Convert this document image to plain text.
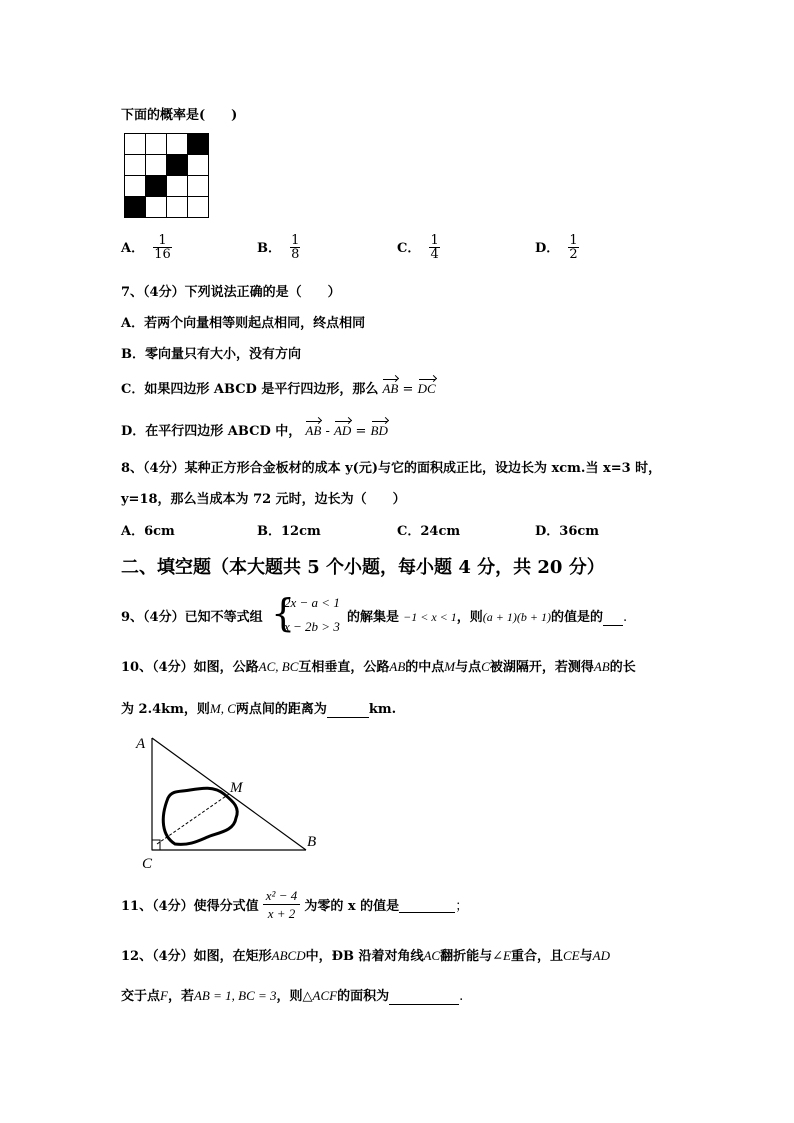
下面的概率是(　　)

A． $\frac{1}{16}$	B． $\frac{1}{8}$	C． $\frac{1}{4}$	D． $\frac{1}{2}$
7、（4分）下列说法正确的是（　　）
A．若两个向量相等则起点相同，终点相同
B．零向量只有大小，没有方向
C．如果四边形 ABCD 是平行四边形，那么 AB = DC
D．在平行四边形 ABCD 中， AB - AD = BD
8、（4分）某种正方形合金板材的成本 y(元)与它的面积成正比，设边长为 xcm.当 x=3 时，
y=18，那么当成本为 72 元时，边长为（　　）
A．6cm	B．12cm	C．24cm	D．36cm
二、填空题（本大题共 5 个小题，每小题 4 分，共 20 分）
9、（4分）已知不等式组 {
2x − a < 1
x − 2b > 3
的解集是 −1 < x < 1，则(a + 1)(b + 1)的值是的 .
10、（4分）如图，公路AC, BC互相垂直，公路AB的中点M与点C被湖隔开，若测得AB的长
为 2.4km，则M, C两点间的距离为	km.
A
C
B
M
11、（4分）使得分式值 $\frac{\text{x² − 4}}{x + 2}$ 为零的 x 的值是	；
12、（4分）如图，在矩形ABCD中，ÐB 沿着对角线AC翻折能与∠E重合，且CE与AD
交于点F，若AB = 1, BC = 3，则△ACF的面积为	.
